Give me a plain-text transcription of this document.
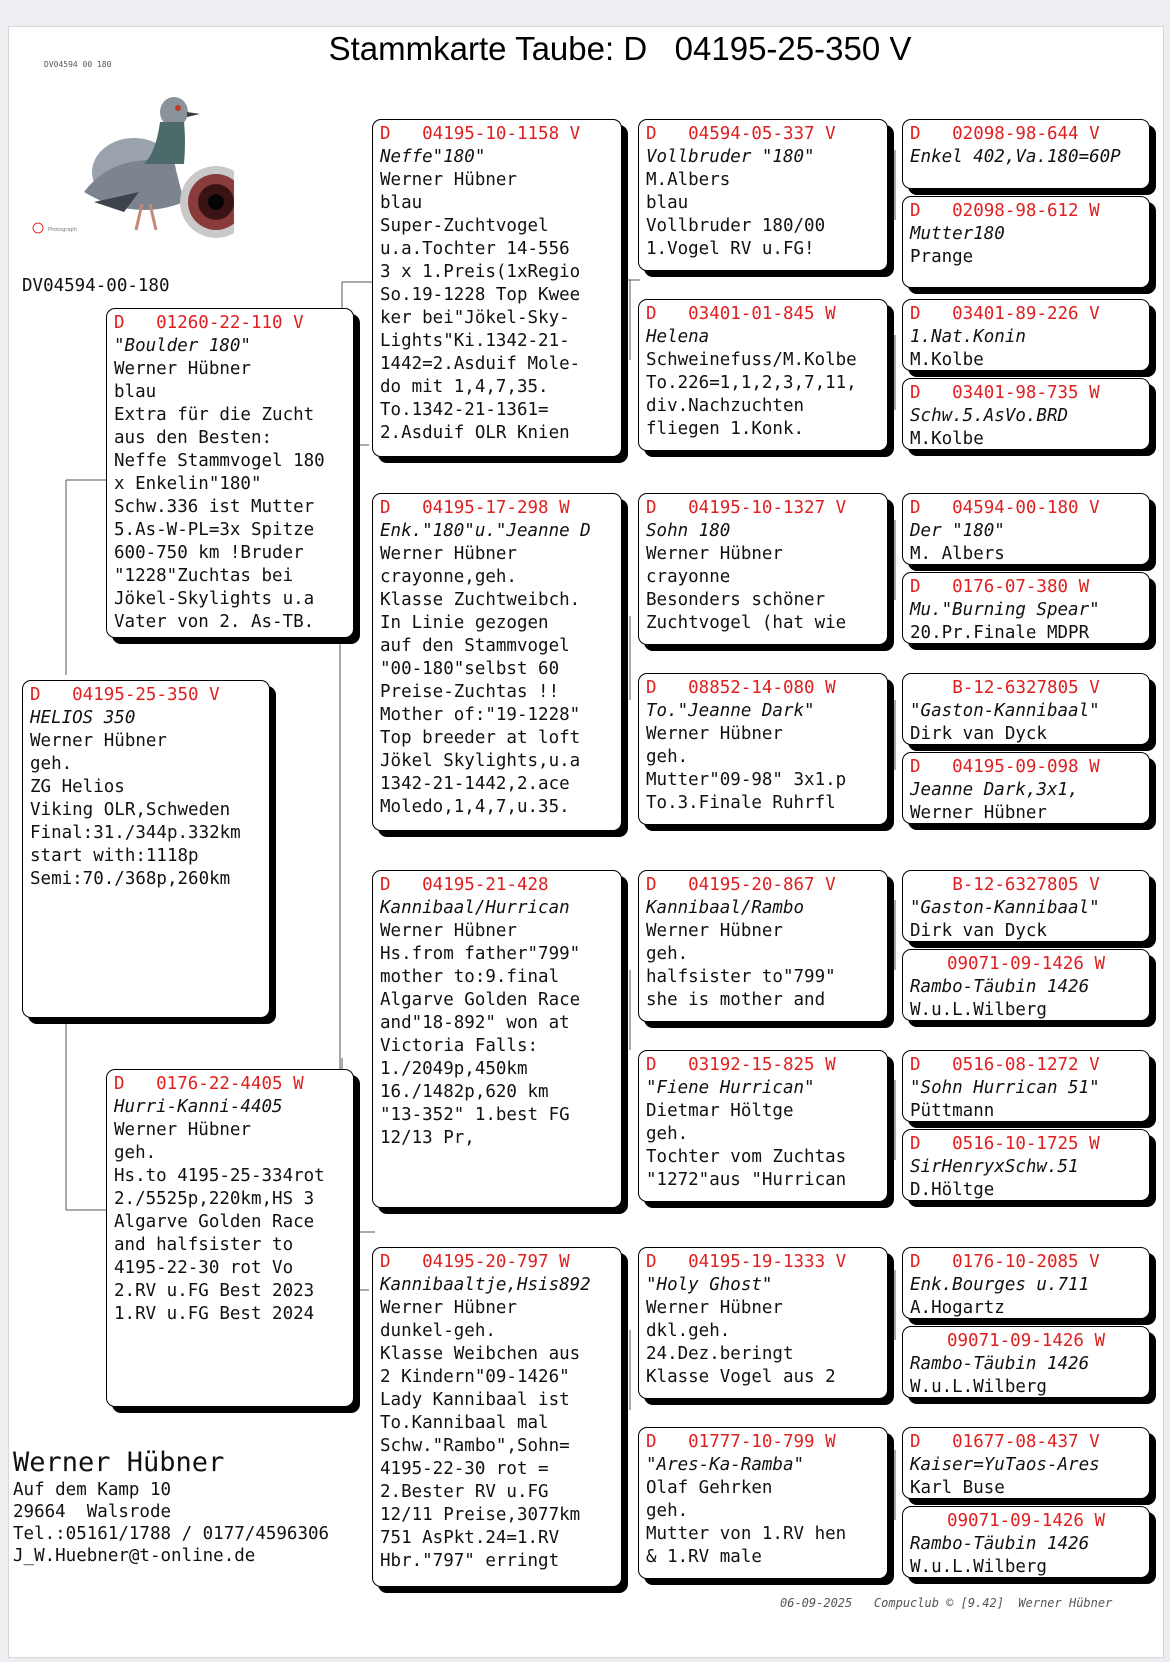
Stammkarte Taube: D   04195-25-350 V
DV04594 00 180
Photograph
DV04594-00-180
D   04195-25-350 V
HELIOS 350
Werner Hübner
geh.
ZG Helios
Viking OLR,Schweden
Final:31./344p.332km
start with:1118p
Semi:70./368p,260km
D   01260-22-110 V
"Boulder 180"
Werner Hübner
blau
Extra für die Zucht
aus den Besten:
Neffe Stammvogel 180
x Enkelin"180"
Schw.336 ist Mutter
5.As-W-PL=3x Spitze
600-750 km !Bruder
"1228"Zuchtas bei
Jökel-Skylights u.a
Vater von 2. As-TB.
D   0176-22-4405 W
Hurri-Kanni-4405
Werner Hübner
geh.
Hs.to 4195-25-334rot
2./5525p,220km,HS 3
Algarve Golden Race
and halfsister to
4195-22-30 rot Vo
2.RV u.FG Best 2023
1.RV u.FG Best 2024
D   04195-10-1158 V
Neffe"180"
Werner Hübner
blau
Super-Zuchtvogel
u.a.Tochter 14-556
3 x 1.Preis(1xRegio
So.19-1228 Top Kwee
ker bei"Jökel-Sky-
Lights"Ki.1342-21-
1442=2.Asduif Mole-
do mit 1,4,7,35.
To.1342-21-1361=
2.Asduif OLR Knien
D   04195-17-298 W
Enk."180"u."Jeanne D
Werner Hübner
crayonne,geh.
Klasse Zuchtweibch.
In Linie gezogen
auf den Stammvogel
"00-180"selbst 60
Preise-Zuchtas !!
Mother of:"19-1228"
Top breeder at loft
Jökel Skylights,u.a
1342-21-1442,2.ace
Moledo,1,4,7,u.35.
D   04195-21-428
Kannibaal/Hurrican
Werner Hübner
Hs.from father"799"
mother to:9.final
Algarve Golden Race
and"18-892" won at
Victoria Falls:
1./2049p,450km
16./1482p,620 km
"13-352" 1.best FG
12/13 Pr,
D   04195-20-797 W
Kannibaaltje,Hsis892
Werner Hübner
dunkel-geh.
Klasse Weibchen aus
2 Kindern"09-1426"
Lady Kannibaal ist
To.Kannibaal mal
Schw."Rambo",Sohn=
4195-22-30 rot =
2.Bester RV u.FG
12/11 Preise,3077km
751 AsPkt.24=1.RV
Hbr."797" erringt
D   04594-05-337 V
Vollbruder "180"
M.Albers
blau
Vollbruder 180/00
1.Vogel RV u.FG!
D   03401-01-845 W
Helena
Schweinefuss/M.Kolbe
To.226=1,1,2,3,7,11,
div.Nachzuchten
fliegen 1.Konk.
D   04195-10-1327 V
Sohn 180
Werner Hübner
crayonne
Besonders schöner
Zuchtvogel (hat wie
D   08852-14-080 W
To."Jeanne Dark"
Werner Hübner
geh.
Mutter"09-98" 3x1.p
To.3.Finale Ruhrfl
D   04195-20-867 V
Kannibaal/Rambo
Werner Hübner
geh.
halfsister to"799"
she is mother and
D   03192-15-825 W
"Fiene Hurrican"
Dietmar Höltge
geh.
Tochter vom Zuchtas
"1272"aus "Hurrican
D   04195-19-1333 V
"Holy Ghost"
Werner Hübner
dkl.geh.
24.Dez.beringt
Klasse Vogel aus 2
D   01777-10-799 W
"Ares-Ka-Ramba"
Olaf Gehrken
geh.
Mutter von 1.RV hen
& 1.RV male
D   02098-98-644 V
Enkel 402,Va.180=60P
D   02098-98-612 W
Mutter180
Prange
D   03401-89-226 V
1.Nat.Konin
M.Kolbe
D   03401-98-735 W
Schw.5.AsVo.BRD
M.Kolbe
D   04594-00-180 V
Der "180"
M. Albers
D   0176-07-380 W
Mu."Burning Spear"
20.Pr.Finale MDPR
B-12-6327805 V
"Gaston-Kannibaal"
Dirk van Dyck
D   04195-09-098 W
Jeanne Dark,3x1,
Werner Hübner
B-12-6327805 V
"Gaston-Kannibaal"
Dirk van Dyck
09071-09-1426 W
Rambo-Täubin 1426
W.u.L.Wilberg
D   0516-08-1272 V
"Sohn Hurrican 51"
Püttmann
D   0516-10-1725 W
SirHenryxSchw.51
D.Höltge
D   0176-10-2085 V
Enk.Bourges u.711
A.Hogartz
09071-09-1426 W
Rambo-Täubin 1426
W.u.L.Wilberg
D   01677-08-437 V
Kaiser=YuTaos-Ares
Karl Buse
09071-09-1426 W
Rambo-Täubin 1426
W.u.L.Wilberg
Werner Hübner
Auf dem Kamp 10
29664  Walsrode
Tel.:05161/1788 / 0177/4596306
J_W.Huebner@t-online.de
06-09-2025   Compuclub © [9.42]  Werner Hübner
